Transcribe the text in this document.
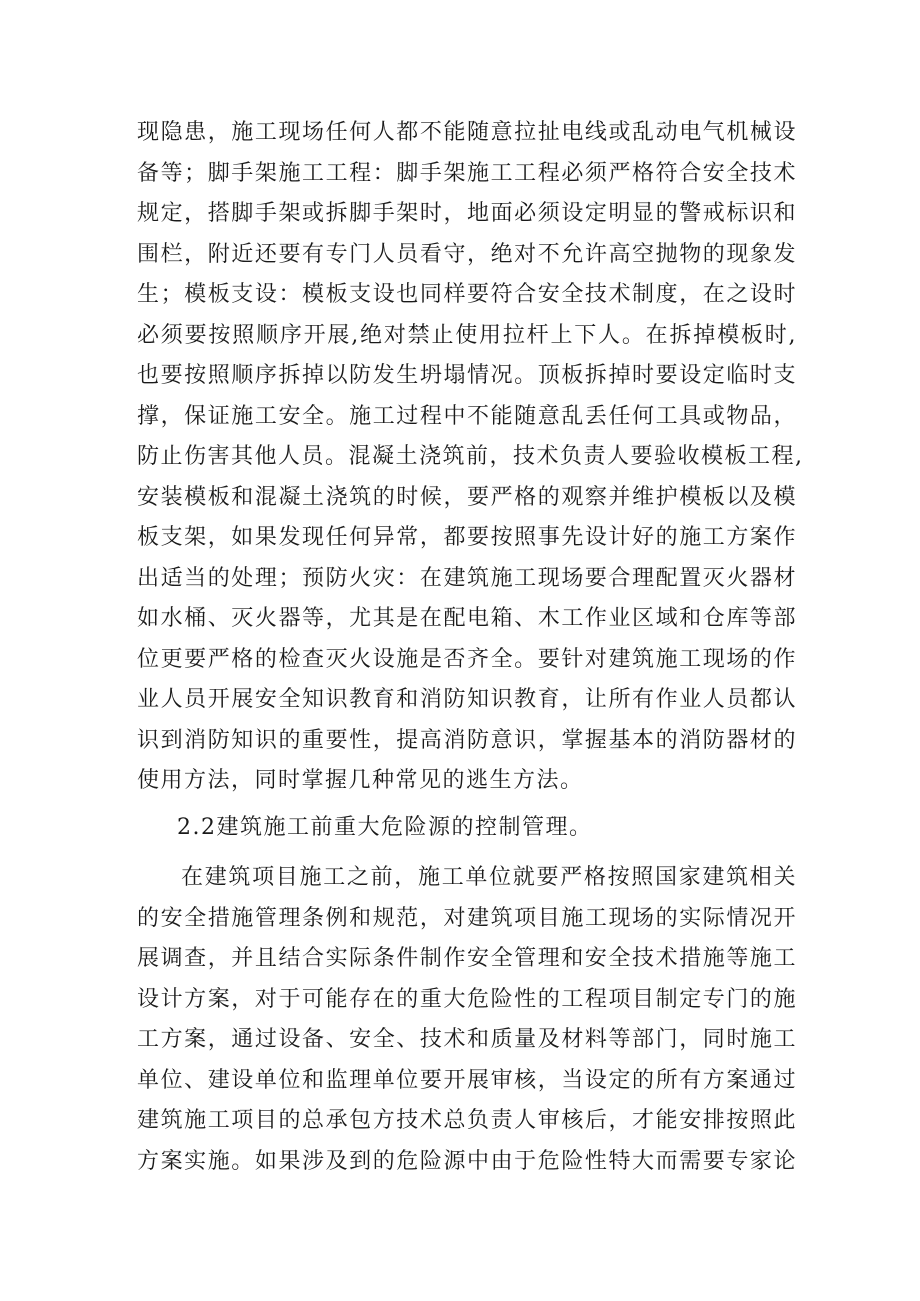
现隐患，施工现场任何人都不能随意拉扯电线或乱动电气机械设
备等；脚手架施工工程：脚手架施工工程必须严格符合安全技术
规定，搭脚手架或拆脚手架时，地面必须设定明显的警戒标识和
围栏，附近还要有专门人员看守，绝对不允许高空抛物的现象发
生；模板支设：模板支设也同样要符合安全技术制度，在之设时
必须要按照顺序开展,绝对禁止使用拉杆上下人。在拆掉模板时,
也要按照顺序拆掉以防发生坍塌情况。顶板拆掉时要设定临时支
撑，保证施工安全。施工过程中不能随意乱丢任何工具或物品，
防止伤害其他人员。混凝土浇筑前，技术负责人要验收模板工程,
安装模板和混凝土浇筑的时候，要严格的观察并维护模板以及模
板支架，如果发现任何异常，都要按照事先设计好的施工方案作
出适当的处理；预防火灾：在建筑施工现场要合理配置灭火器材
如水桶、灭火器等，尤其是在配电箱、木工作业区域和仓库等部
位更要严格的检查灭火设施是否齐全。要针对建筑施工现场的作
业人员开展安全知识教育和消防知识教育，让所有作业人员都认
识到消防知识的重要性，提高消防意识，掌握基本的消防器材的
使用方法，同时掌握几种常见的逃生方法。
2.2建筑施工前重大危险源的控制管理。
在建筑项目施工之前，施工单位就要严格按照国家建筑相关
的安全措施管理条例和规范，对建筑项目施工现场的实际情况开
展调查，并且结合实际条件制作安全管理和安全技术措施等施工
设计方案，对于可能存在的重大危险性的工程项目制定专门的施
工方案，通过设备、安全、技术和质量及材料等部门，同时施工
单位、建设单位和监理单位要开展审核，当设定的所有方案通过
建筑施工项目的总承包方技术总负责人审核后，才能安排按照此
方案实施。如果涉及到的危险源中由于危险性特大而需要专家论
